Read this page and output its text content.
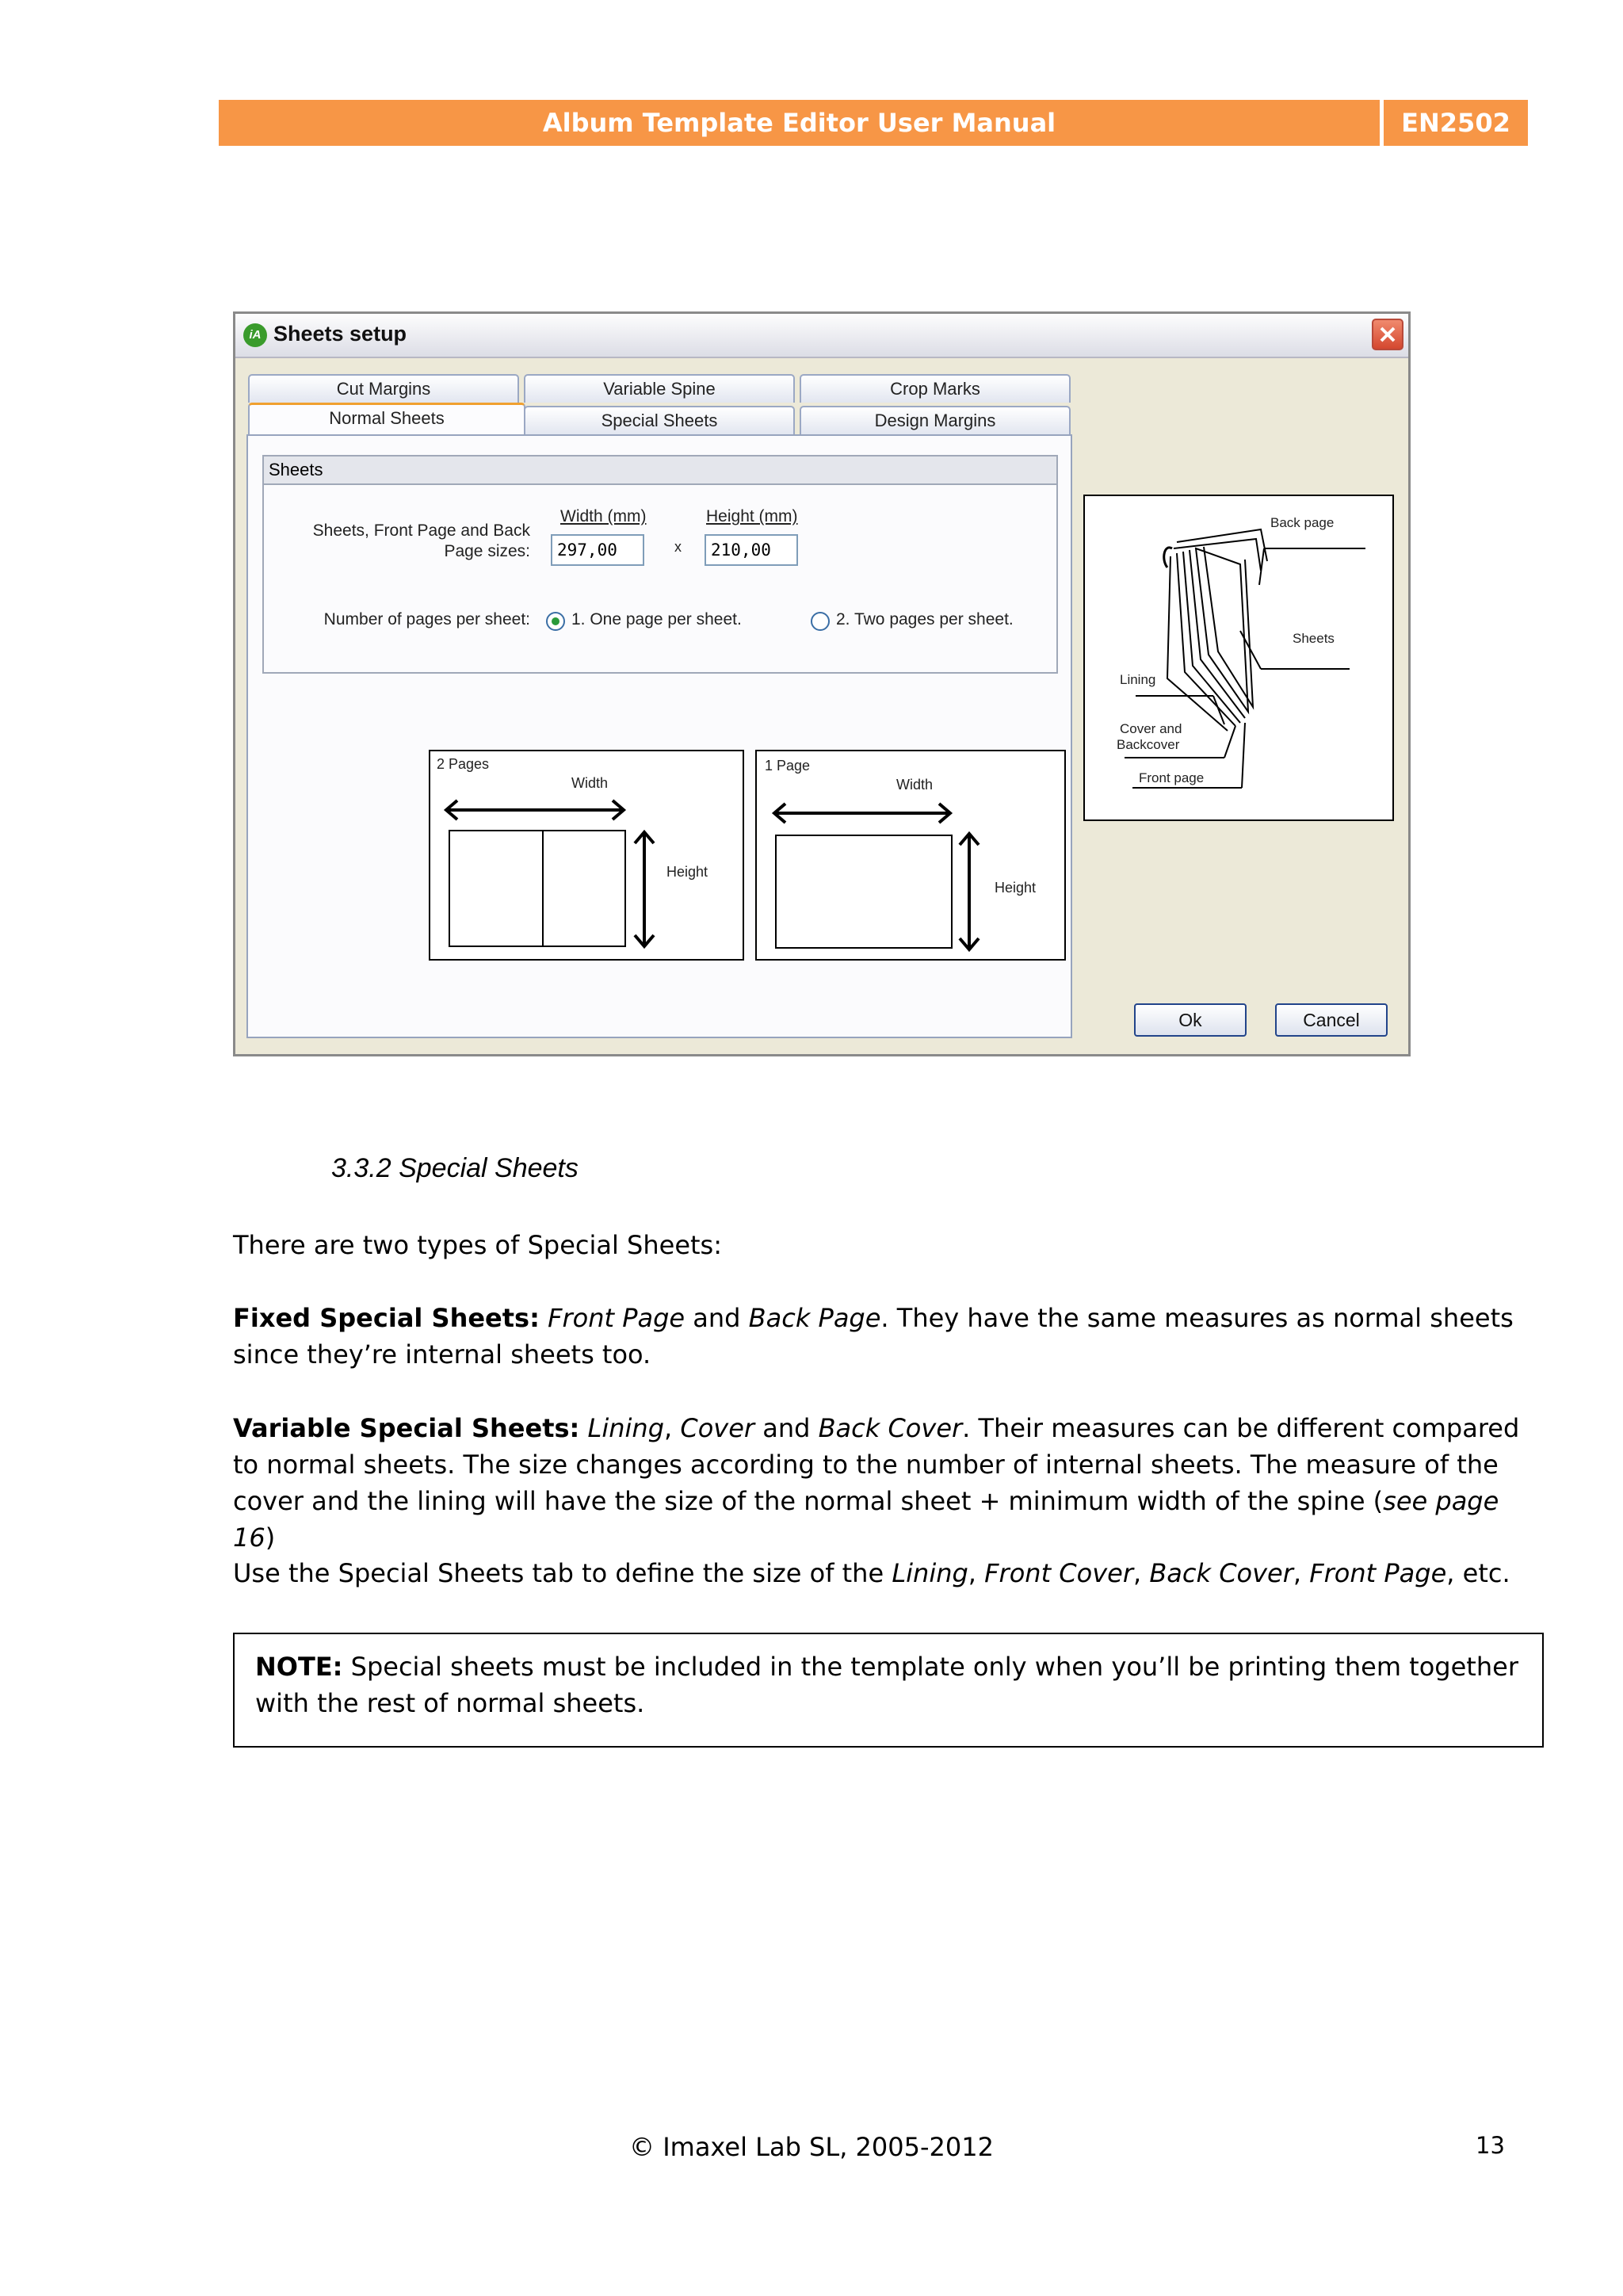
Album Template Editor User Manual	EN2502
iA Sheets setup
Cut Margins	Variable Spine	Crop Marks
Normal Sheets	Special Sheets	Design Margins
Sheets
Sheets, Front Page and Back
Page sizes:
Width (mm)	Height (mm)
297,00	x	210,00
Number of pages per sheet: 1. One page per sheet.	2. Two pages per sheet.
2 Pages
Width
Height
1 Page
Width
Height
Back page
Sheets
Lining
Cover and
Backcover
Front page
Ok	Cancel
3.3.2 Special Sheets
There are two types of Special Sheets:
Fixed Special Sheets: Front Page and Back Page. They have the same measures as normal sheets since they’re internal sheets too.
Variable Special Sheets: Lining, Cover and Back Cover. Their measures can be different compared to normal sheets. The size changes according to the number of internal sheets. The measure of the cover and the lining will have the size of the normal sheet + minimum width of the spine (see page 16)
Use the Special Sheets tab to define the size of the Lining, Front Cover, Back Cover, Front Page, etc.
NOTE: Special sheets must be included in the template only when you’ll be printing them together with the rest of normal sheets.
© Imaxel Lab SL, 2005-2012	13
